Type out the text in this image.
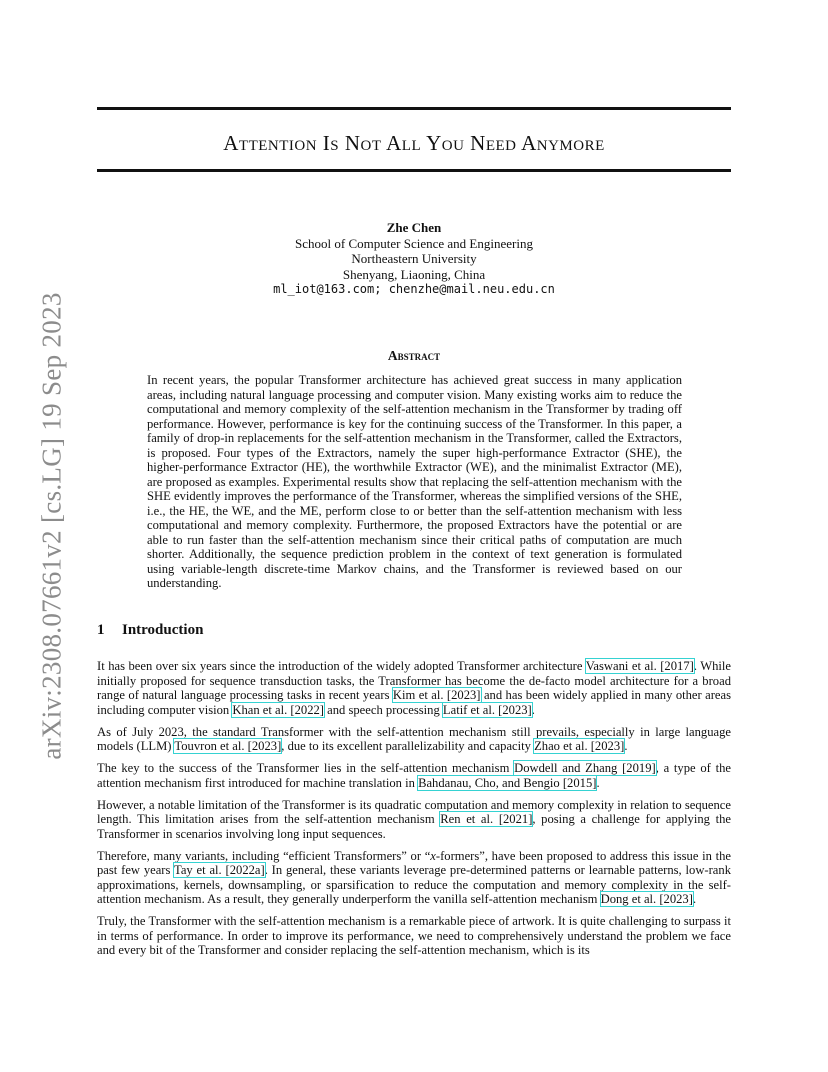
arXiv:2308.07661v2 [cs.LG] 19 Sep 2023
Attention Is Not All You Need Anymore
Zhe Chen
School of Computer Science and Engineering
Northeastern University
Shenyang, Liaoning, China
ml_iot@163.com; chenzhe@mail.neu.edu.cn
Abstract
In recent years, the popular Transformer architecture has achieved great success in many application areas, including natural language processing and computer vision. Many existing works aim to reduce the computational and memory complexity of the self-attention mechanism in the Transformer by trading off performance. However, performance is key for the continuing success of the Transformer. In this paper, a family of drop-in replacements for the self-attention mechanism in the Transformer, called the Extractors, is proposed. Four types of the Extractors, namely the super high-performance Extractor (SHE), the higher-performance Extractor (HE), the worthwhile Extractor (WE), and the minimalist Extractor (ME), are proposed as examples. Experimental results show that replacing the self-attention mechanism with the SHE evidently improves the performance of the Transformer, whereas the simplified versions of the SHE, i.e., the HE, the WE, and the ME, perform close to or better than the self-attention mechanism with less computational and memory complexity. Furthermore, the proposed Extractors have the potential or are able to run faster than the self-attention mechanism since their critical paths of computation are much shorter. Additionally, the sequence prediction problem in the context of text generation is formulated using variable-length discrete-time Markov chains, and the Transformer is reviewed based on our understanding.
1 Introduction

It has been over six years since the introduction of the widely adopted Transformer architecture Vaswani et al. [2017]. While initially proposed for sequence transduction tasks, the Transformer has become the de-facto model architecture for a broad range of natural language processing tasks in recent years Kim et al. [2023] and has been widely applied in many other areas including computer vision Khan et al. [2022] and speech processing Latif et al. [2023].

As of July 2023, the standard Transformer with the self-attention mechanism still prevails, especially in large language models (LLM) Touvron et al. [2023], due to its excellent parallelizability and capacity Zhao et al. [2023].

The key to the success of the Transformer lies in the self-attention mechanism Dowdell and Zhang [2019], a type of the attention mechanism first introduced for machine translation in Bahdanau, Cho, and Bengio [2015].

However, a notable limitation of the Transformer is its quadratic computation and memory complexity in relation to sequence length. This limitation arises from the self-attention mechanism Ren et al. [2021], posing a challenge for applying the Transformer in scenarios involving long input sequences.

Therefore, many variants, including “efficient Transformers” or “x-formers”, have been proposed to address this issue in the past few years Tay et al. [2022a]. In general, these variants leverage pre-determined patterns or learnable patterns, low-rank approximations, kernels, downsampling, or sparsification to reduce the computation and memory complexity in the self-attention mechanism. As a result, they generally underperform the vanilla self-attention mechanism Dong et al. [2023].

Truly, the Transformer with the self-attention mechanism is a remarkable piece of artwork. It is quite challenging to surpass it in terms of performance. In order to improve its performance, we need to comprehensively understand the problem we face and every bit of the Transformer and consider replacing the self-attention mechanism, which is its
